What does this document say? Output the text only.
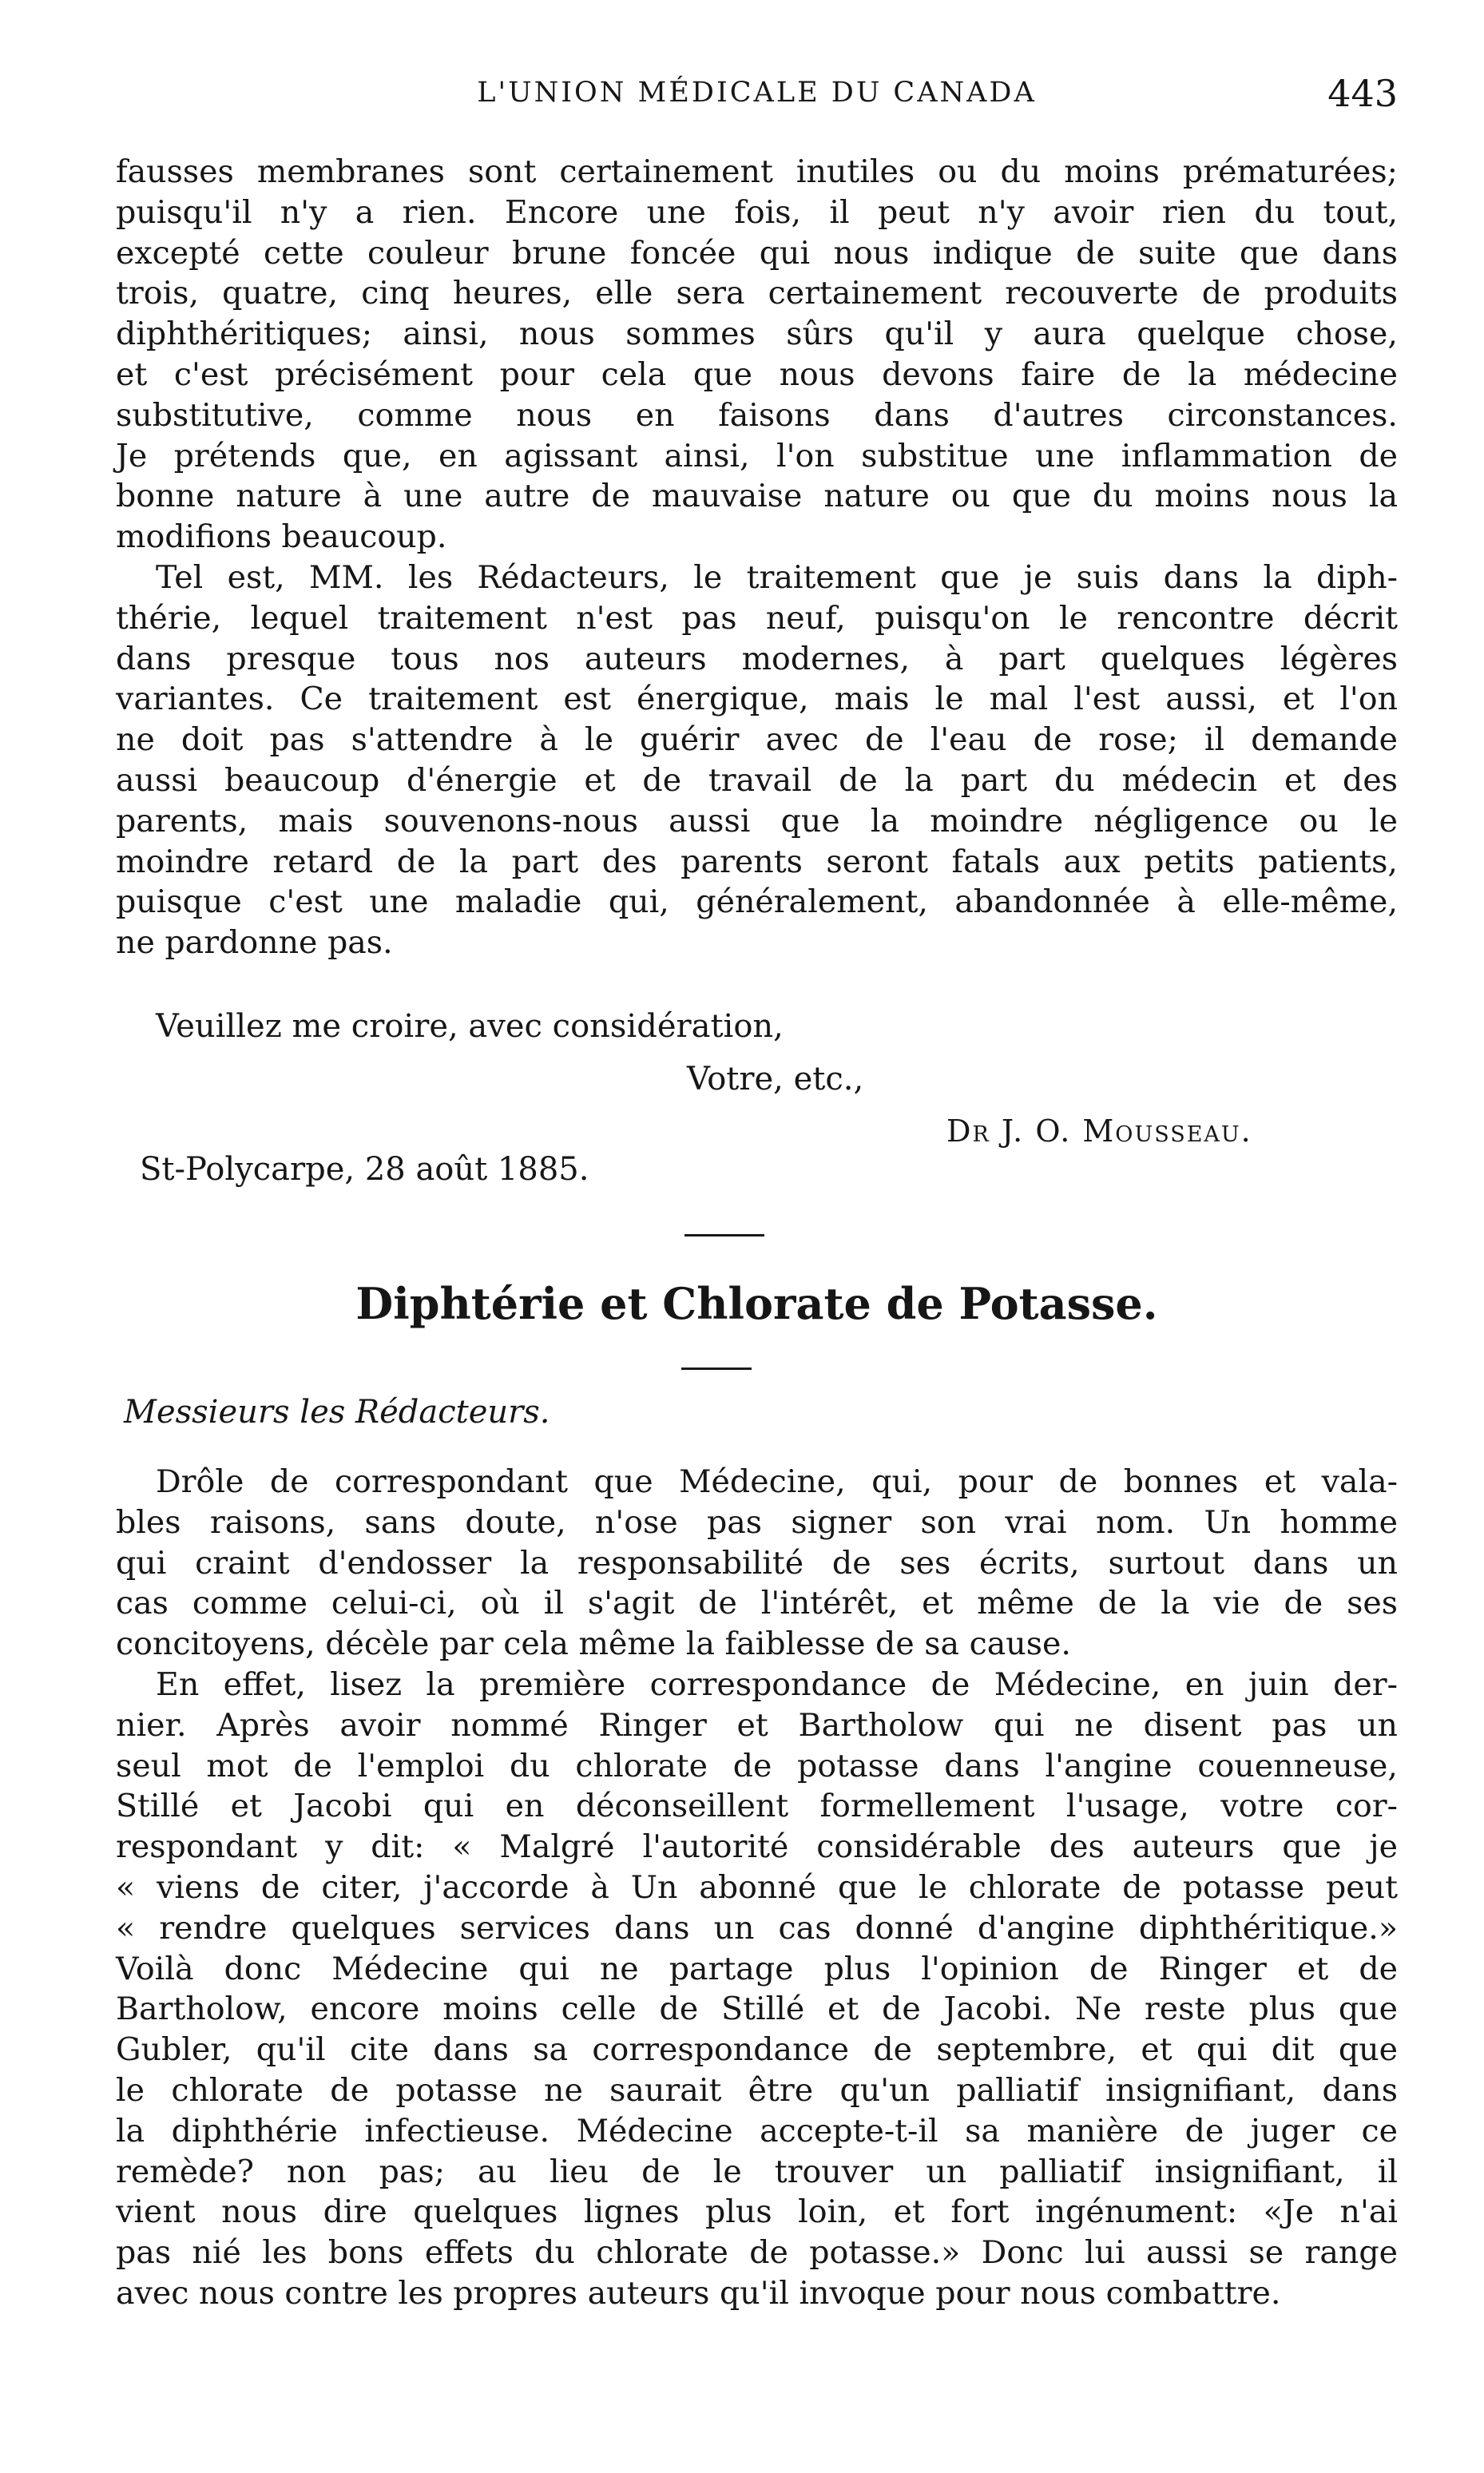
L'UNION MÉDICALE DU CANADA	443
fausses membranes sont certainement inutiles ou du moins prématurées;
puisqu'il n'y a rien. Encore une fois, il peut n'y avoir rien du tout,
excepté cette couleur brune foncée qui nous indique de suite que dans
trois, quatre, cinq heures, elle sera certainement recouverte de produits
diphthéritiques; ainsi, nous sommes sûrs qu'il y aura quelque chose,
et c'est précisément pour cela que nous devons faire de la médecine
substitutive, comme nous en faisons dans d'autres circonstances.
Je prétends que, en agissant ainsi, l'on substitue une inflammation de
bonne nature à une autre de mauvaise nature ou que du moins nous la
modifions beaucoup.
Tel est, MM. les Rédacteurs, le traitement que je suis dans la diph-
thérie, lequel traitement n'est pas neuf, puisqu'on le rencontre décrit
dans presque tous nos auteurs modernes, à part quelques légères
variantes. Ce traitement est énergique, mais le mal l'est aussi, et l'on
ne doit pas s'attendre à le guérir avec de l'eau de rose; il demande
aussi beaucoup d'énergie et de travail de la part du médecin et des
parents, mais souvenons-nous aussi que la moindre négligence ou le
moindre retard de la part des parents seront fatals aux petits patients,
puisque c'est une maladie qui, généralement, abandonnée à elle-même,
ne pardonne pas.
Veuillez me croire, avec considération,
Votre, etc.,
Dr J. O. Mousseau.
St-Polycarpe, 28 août 1885.
Diphtérie et Chlorate de Potasse.
Messieurs les Rédacteurs.
Drôle de correspondant que Médecine, qui, pour de bonnes et vala-
bles raisons, sans doute, n'ose pas signer son vrai nom. Un homme
qui craint d'endosser la responsabilité de ses écrits, surtout dans un
cas comme celui-ci, où il s'agit de l'intérêt, et même de la vie de ses
concitoyens, décèle par cela même la faiblesse de sa cause.
En effet, lisez la première correspondance de Médecine, en juin der-
nier. Après avoir nommé Ringer et Bartholow qui ne disent pas un
seul mot de l'emploi du chlorate de potasse dans l'angine couenneuse,
Stillé et Jacobi qui en déconseillent formellement l'usage, votre cor-
respondant y dit: « Malgré l'autorité considérable des auteurs que je
« viens de citer, j'accorde à Un abonné que le chlorate de potasse peut
« rendre quelques services dans un cas donné d'angine diphthéritique.»
Voilà donc Médecine qui ne partage plus l'opinion de Ringer et de
Bartholow, encore moins celle de Stillé et de Jacobi. Ne reste plus que
Gubler, qu'il cite dans sa correspondance de septembre, et qui dit que
le chlorate de potasse ne saurait être qu'un palliatif insignifiant, dans
la diphthérie infectieuse. Médecine accepte-t-il sa manière de juger ce
remède? non pas; au lieu de le trouver un palliatif insignifiant, il
vient nous dire quelques lignes plus loin, et fort ingénument: «Je n'ai
pas nié les bons effets du chlorate de potasse.» Donc lui aussi se range
avec nous contre les propres auteurs qu'il invoque pour nous combattre.
